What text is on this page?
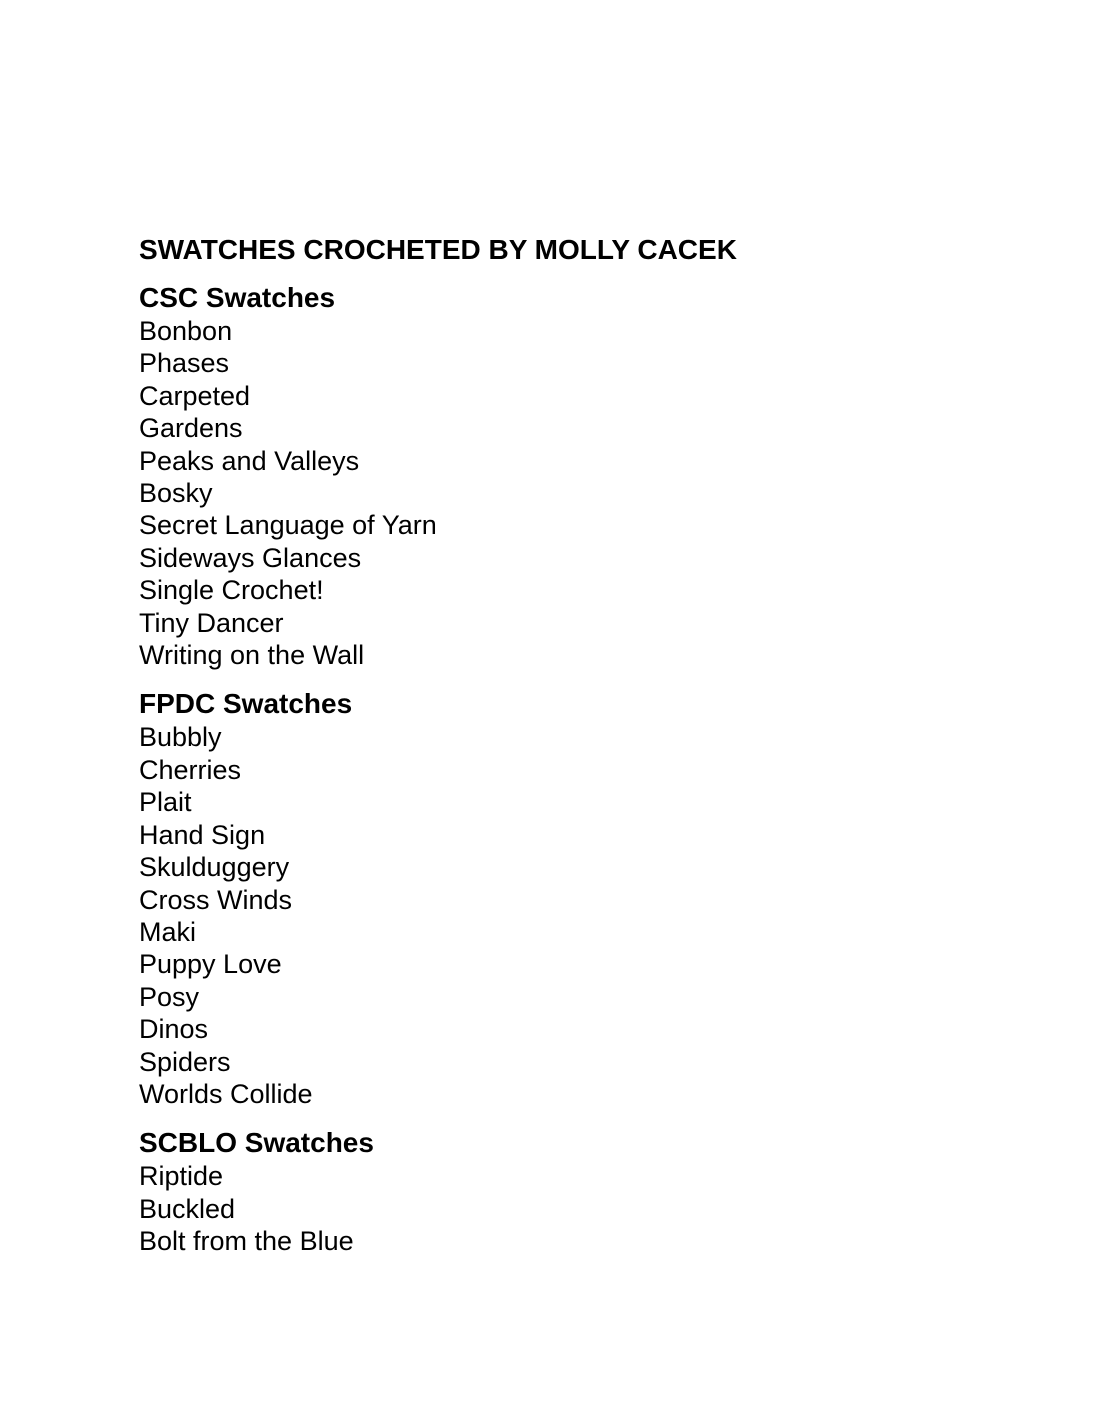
SWATCHES CROCHETED BY MOLLY CACEK
CSC Swatches
Bonbon
Phases
Carpeted
Gardens
Peaks and Valleys
Bosky
Secret Language of Yarn
Sideways Glances
Single Crochet!
Tiny Dancer
Writing on the Wall
FPDC Swatches
Bubbly
Cherries
Plait
Hand Sign
Skulduggery
Cross Winds
Maki
Puppy Love
Posy
Dinos
Spiders
Worlds Collide
SCBLO Swatches
Riptide
Buckled
Bolt from the Blue
